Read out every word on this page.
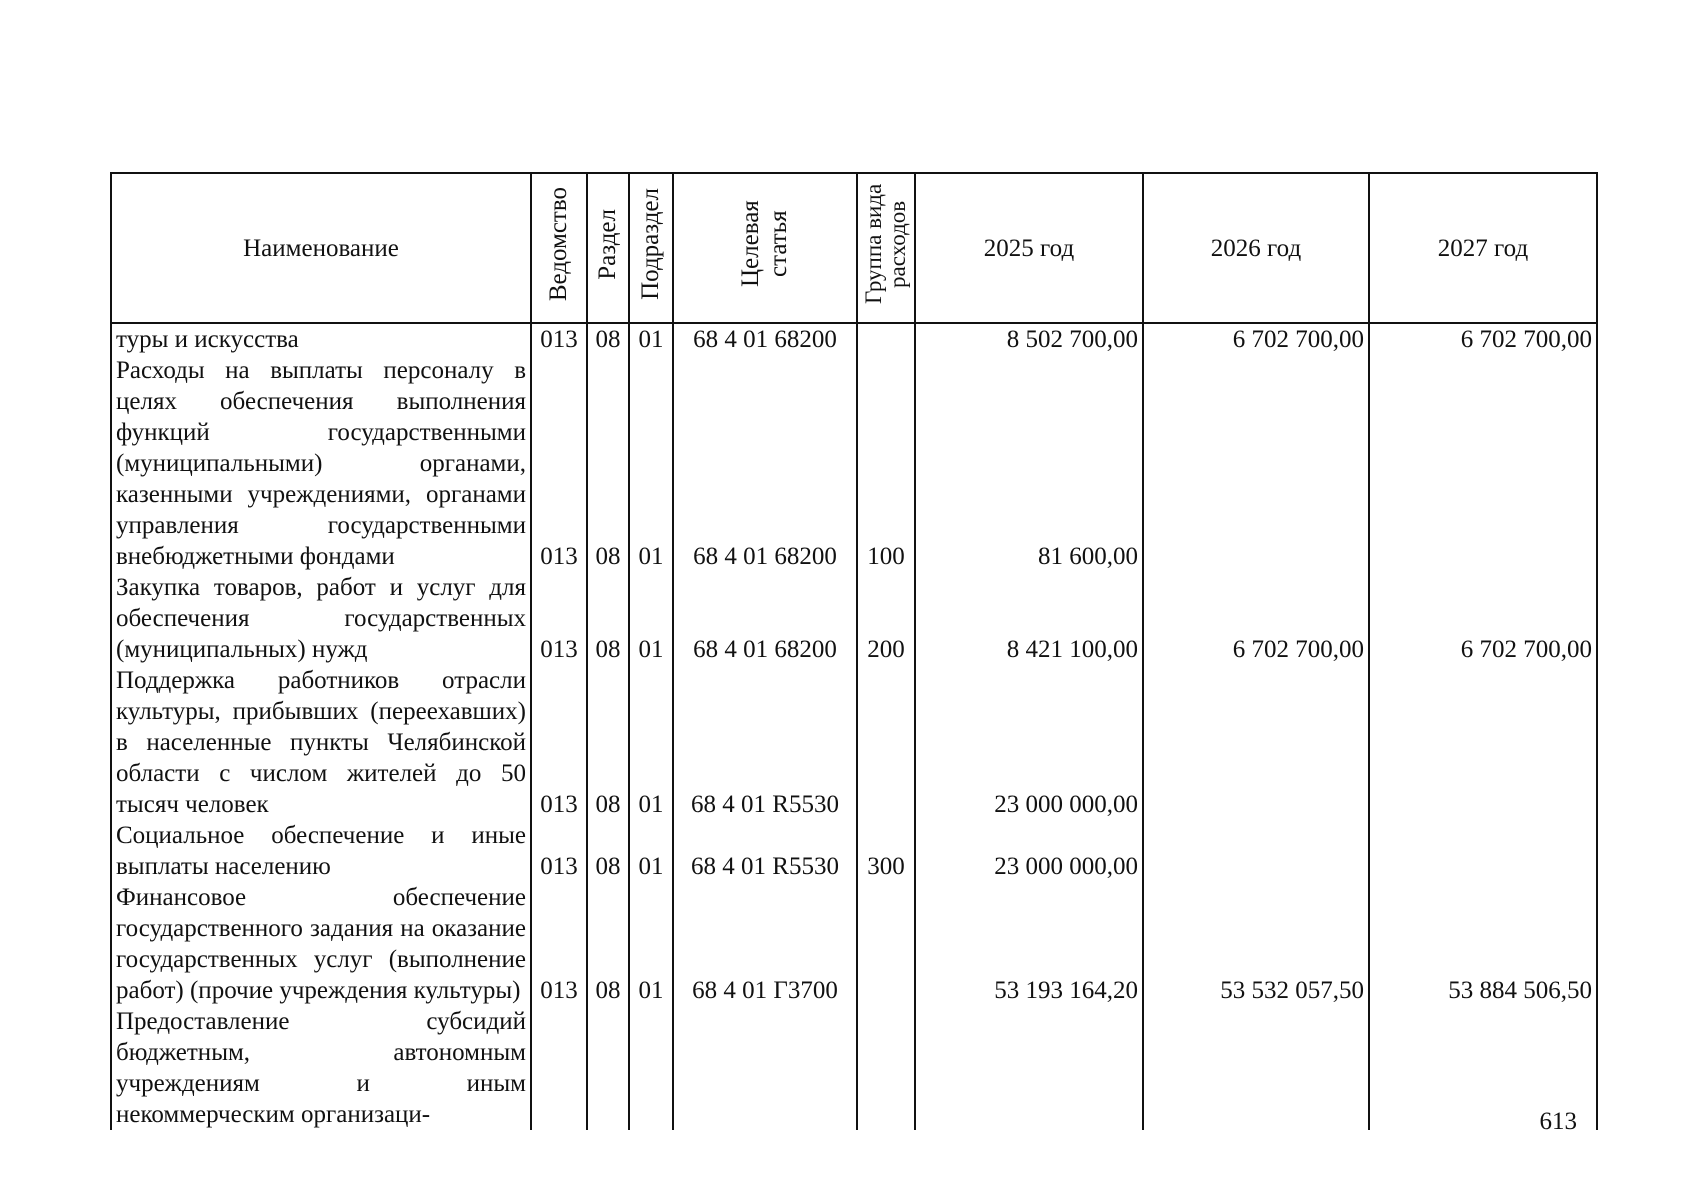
Наименование	Ведомство	Раздел	Подраздел	Целевая статья	Группа вида расходов	2025 год	2026 год	2027 год
туры и искусства	013	08	01	68 4 01 68200		8 502 700,00	6 702 700,00	6 702 700,00
Расходы на выплаты персоналу в целях обеспечения выполнения функций государственными (муниципальными) органами, казенными учреждениями, органами управления государственными внебюджетными фондами	013	08	01	68 4 01 68200	100	81 600,00		
Закупка товаров, работ и услуг для обеспечения государственных (муниципальных) нужд	013	08	01	68 4 01 68200	200	8 421 100,00	6 702 700,00	6 702 700,00
Поддержка работников отрасли культуры, прибывших (переехавших) в населенные пункты Челябинской области с числом жителей до 50 тысяч человек	013	08	01	68 4 01 R5530		23 000 000,00		
Социальное обеспечение и иные выплаты населению	013	08	01	68 4 01 R5530	300	23 000 000,00		
Финансовое обеспечение государственного задания на оказание государственных услуг (выполнение работ) (прочие учреждения культуры)	013	08	01	68 4 01 Г3700		53 193 164,20	53 532 057,50	53 884 506,50
Предоставление субсидий бюджетным, автономным учреждениям и иным некоммерческим организаци-									613
